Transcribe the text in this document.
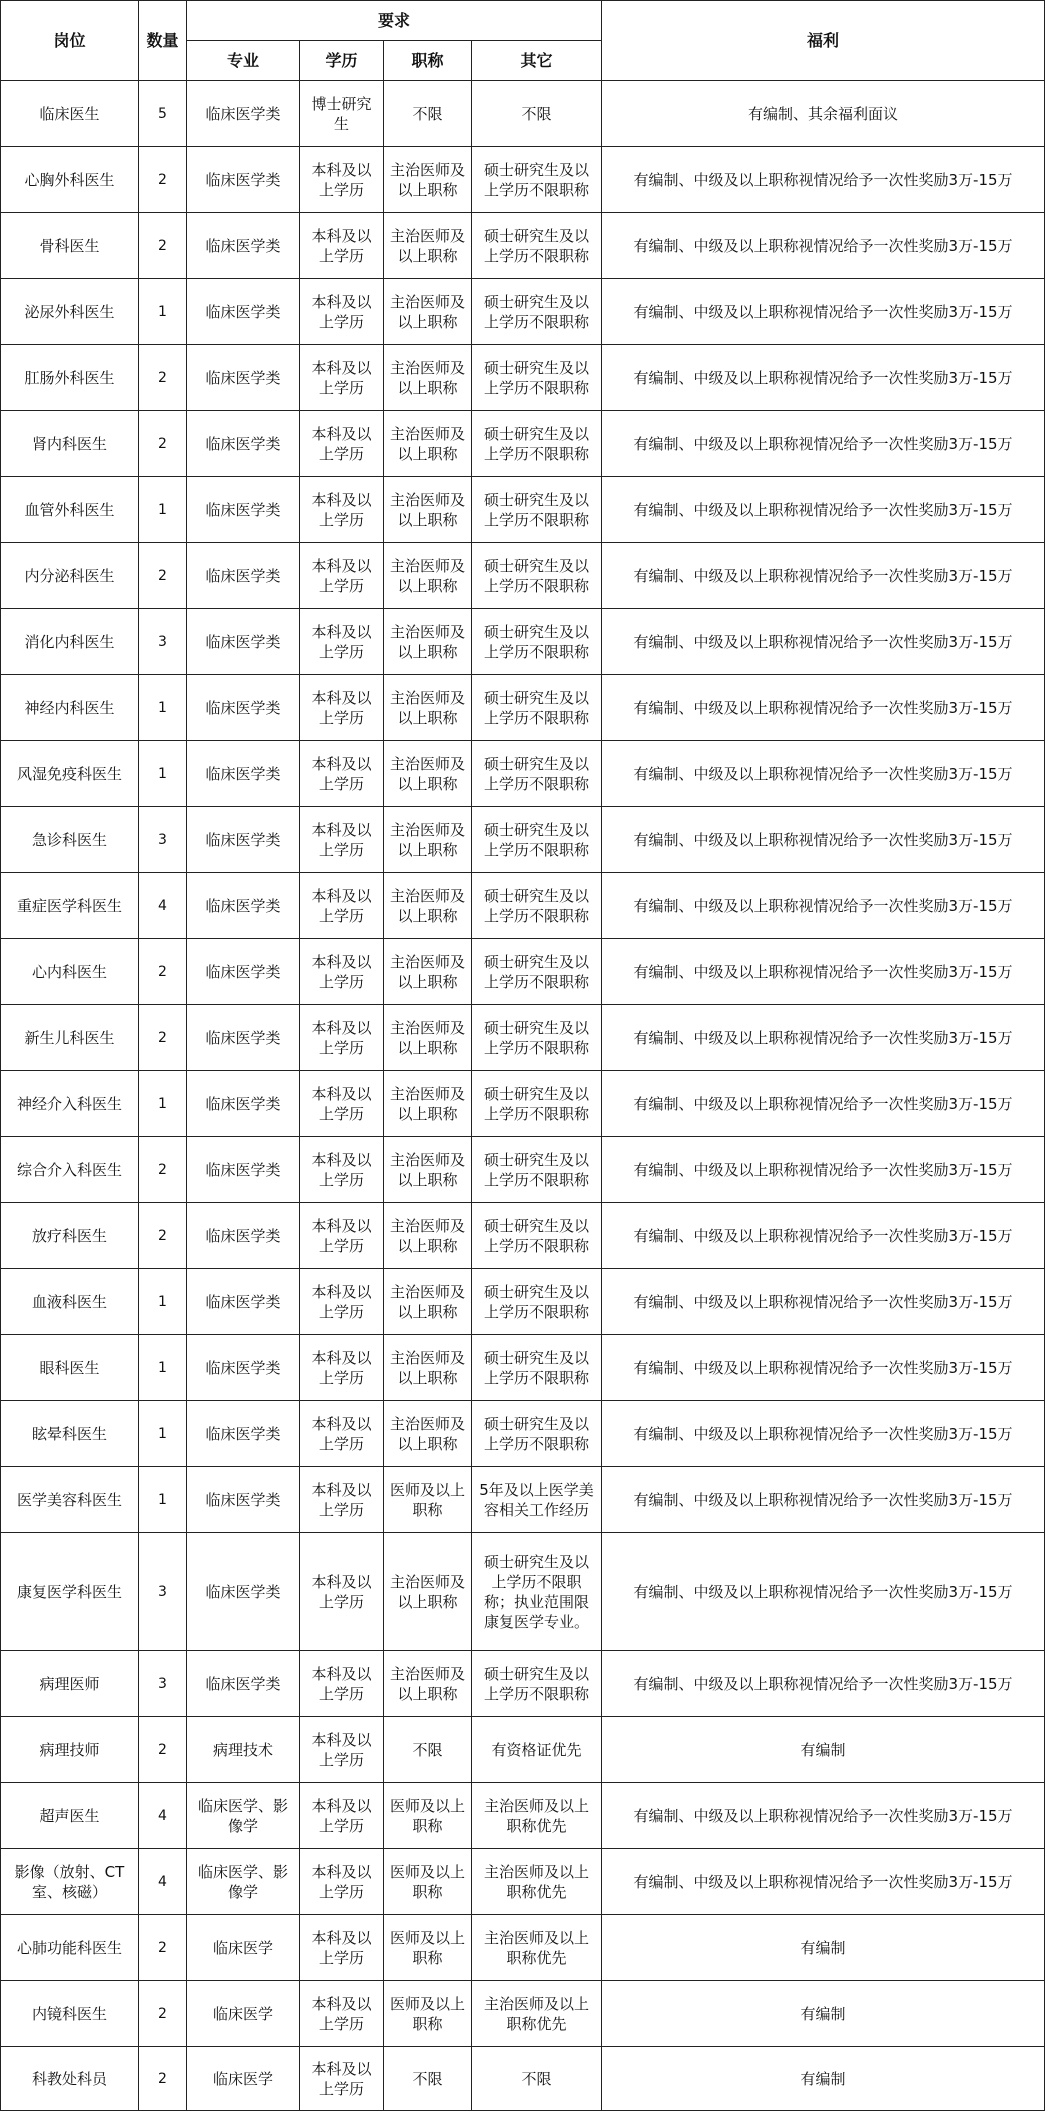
岗位	数量	要求				福利
		专业	学历	职称	其它	
临床医生	5	临床医学类	博士研究生	不限	不限	有编制、其余福利面议
心胸外科医生	2	临床医学类	本科及以上学历	主治医师及以上职称	硕士研究生及以上学历不限职称	有编制、中级及以上职称视情况给予一次性奖励3万-15万
骨科医生	2	临床医学类	本科及以上学历	主治医师及以上职称	硕士研究生及以上学历不限职称	有编制、中级及以上职称视情况给予一次性奖励3万-15万
泌尿外科医生	1	临床医学类	本科及以上学历	主治医师及以上职称	硕士研究生及以上学历不限职称	有编制、中级及以上职称视情况给予一次性奖励3万-15万
肛肠外科医生	2	临床医学类	本科及以上学历	主治医师及以上职称	硕士研究生及以上学历不限职称	有编制、中级及以上职称视情况给予一次性奖励3万-15万
肾内科医生	2	临床医学类	本科及以上学历	主治医师及以上职称	硕士研究生及以上学历不限职称	有编制、中级及以上职称视情况给予一次性奖励3万-15万
血管外科医生	1	临床医学类	本科及以上学历	主治医师及以上职称	硕士研究生及以上学历不限职称	有编制、中级及以上职称视情况给予一次性奖励3万-15万
内分泌科医生	2	临床医学类	本科及以上学历	主治医师及以上职称	硕士研究生及以上学历不限职称	有编制、中级及以上职称视情况给予一次性奖励3万-15万
消化内科医生	3	临床医学类	本科及以上学历	主治医师及以上职称	硕士研究生及以上学历不限职称	有编制、中级及以上职称视情况给予一次性奖励3万-15万
神经内科医生	1	临床医学类	本科及以上学历	主治医师及以上职称	硕士研究生及以上学历不限职称	有编制、中级及以上职称视情况给予一次性奖励3万-15万
风湿免疫科医生	1	临床医学类	本科及以上学历	主治医师及以上职称	硕士研究生及以上学历不限职称	有编制、中级及以上职称视情况给予一次性奖励3万-15万
急诊科医生	3	临床医学类	本科及以上学历	主治医师及以上职称	硕士研究生及以上学历不限职称	有编制、中级及以上职称视情况给予一次性奖励3万-15万
重症医学科医生	4	临床医学类	本科及以上学历	主治医师及以上职称	硕士研究生及以上学历不限职称	有编制、中级及以上职称视情况给予一次性奖励3万-15万
心内科医生	2	临床医学类	本科及以上学历	主治医师及以上职称	硕士研究生及以上学历不限职称	有编制、中级及以上职称视情况给予一次性奖励3万-15万
新生儿科医生	2	临床医学类	本科及以上学历	主治医师及以上职称	硕士研究生及以上学历不限职称	有编制、中级及以上职称视情况给予一次性奖励3万-15万
神经介入科医生	1	临床医学类	本科及以上学历	主治医师及以上职称	硕士研究生及以上学历不限职称	有编制、中级及以上职称视情况给予一次性奖励3万-15万
综合介入科医生	2	临床医学类	本科及以上学历	主治医师及以上职称	硕士研究生及以上学历不限职称	有编制、中级及以上职称视情况给予一次性奖励3万-15万
放疗科医生	2	临床医学类	本科及以上学历	主治医师及以上职称	硕士研究生及以上学历不限职称	有编制、中级及以上职称视情况给予一次性奖励3万-15万
血液科医生	1	临床医学类	本科及以上学历	主治医师及以上职称	硕士研究生及以上学历不限职称	有编制、中级及以上职称视情况给予一次性奖励3万-15万
眼科医生	1	临床医学类	本科及以上学历	主治医师及以上职称	硕士研究生及以上学历不限职称	有编制、中级及以上职称视情况给予一次性奖励3万-15万
眩晕科医生	1	临床医学类	本科及以上学历	主治医师及以上职称	硕士研究生及以上学历不限职称	有编制、中级及以上职称视情况给予一次性奖励3万-15万
医学美容科医生	1	临床医学类	本科及以上学历	医师及以上职称	5年及以上医学美容相关工作经历	有编制、中级及以上职称视情况给予一次性奖励3万-15万
康复医学科医生	3	临床医学类	本科及以上学历	主治医师及以上职称	硕士研究生及以上学历不限职称；执业范围限康复医学专业。	有编制、中级及以上职称视情况给予一次性奖励3万-15万
病理医师	3	临床医学类	本科及以上学历	主治医师及以上职称	硕士研究生及以上学历不限职称	有编制、中级及以上职称视情况给予一次性奖励3万-15万
病理技师	2	病理技术	本科及以上学历	不限	有资格证优先	有编制
超声医生	4	临床医学、影像学	本科及以上学历	医师及以上职称	主治医师及以上职称优先	有编制、中级及以上职称视情况给予一次性奖励3万-15万
影像（放射、CT室、核磁）	4	临床医学、影像学	本科及以上学历	医师及以上职称	主治医师及以上职称优先	有编制、中级及以上职称视情况给予一次性奖励3万-15万
心肺功能科医生	2	临床医学	本科及以上学历	医师及以上职称	主治医师及以上职称优先	有编制
内镜科医生	2	临床医学	本科及以上学历	医师及以上职称	主治医师及以上职称优先	有编制
科教处科员	2	临床医学	本科及以上学历	不限	不限	有编制
